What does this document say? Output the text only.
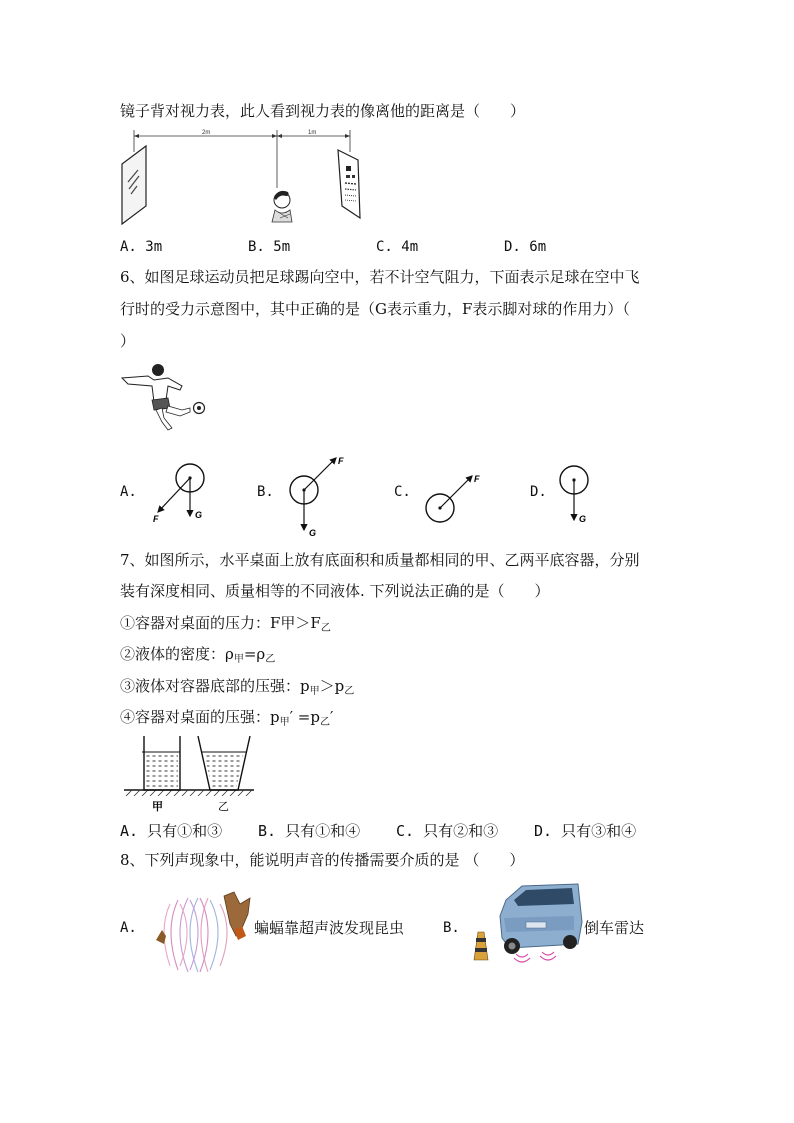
镜子背对视力表，此人看到视力表的像离他的距离是（　　）
2m	1m
A. 3m	B. 5m	C. 4m	D. 6m
6、如图足球运动员把足球踢向空中，若不计空气阻力，下面表示足球在空中飞
行时的受力示意图中，其中正确的是（G表示重力，F表示脚对球的作用力）（
）
A.
F	G
B.
F
G
C.
F
D.
G
7、如图所示，水平桌面上放有底面积和质量都相同的甲、乙两平底容器，分别
装有深度相同、质量相等的不同液体. 下列说法正确的是（　　）
①容器对桌面的压力：F甲$>F_乙$
②液体的密度：$\rho_甲=\rho_乙$
③液体对容器底部的压强：$p_甲>p_乙$
④容器对桌面的压强：$p_甲' =p_乙'$
甲	乙
A. 只有①和③ B. 只有①和④ C. 只有②和③ D. 只有③和④
8、下列声现象中，能说明声音的传播需要介质的是 （　　）
A.	蝙蝠靠超声波发现昆虫	B.	倒车雷达
